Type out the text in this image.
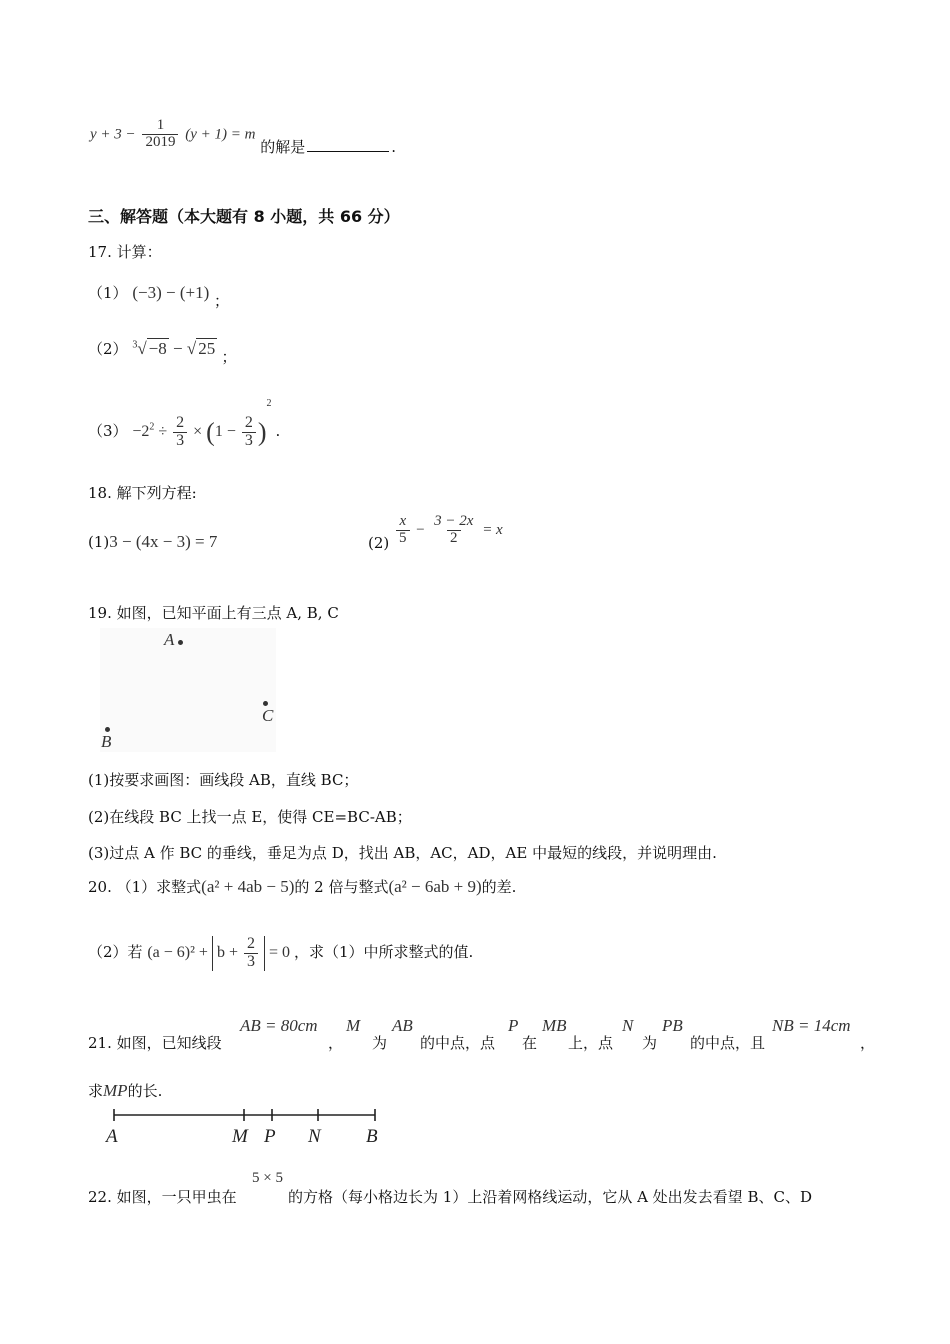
$y + 3 - \frac{1}{2019} (y + 1) = m$ 的解是	.
三、解答题（本大题有 8 小题，共 66 分）
17. 计算：
（1） (−3) − (+1) ；
（2） $^3$√ −8 − √ 25 ；
$(3) -2^2 \div \frac{2}{3} \times (1 - \frac{2}{3} )^2$ .
18. 解下列方程:
(1)3 − (4x − 3) = 7	$(2) \frac{x}{5} - \frac{3 - 2x}{2} = x$
19. 如图，已知平面上有三点 A, B, C
A
C
B
(1)按要求画图：画线段 AB，直线 BC；
(2)在线段 BC 上找一点 E，使得 CE=BC-AB；
(3)过点 A 作 BC 的垂线，垂足为点 D，找出 AB，AC，AD，AE 中最短的线段，并说明理由.
20. （1）求整式(a² + 4ab − 5)的 2 倍与整式(a² − 6ab + 9)的差.
（2）若 $(a - 6)^2 + b + \frac{2}{3} = 0$ ，求（1）中所求整式的值.
21. 如图，已知线段
AB = 80cm
，
M
为
AB
的中点，点
P
在
MB
上，点
N
为
PB
的中点，且
NB = 14cm
，
求MP的长.
A	M P N B
22. 如图，一只甲虫在
5 × 5
的方格（每小格边长为 1）上沿着网格线运动，它从 A 处出发去看望 B、C、D
